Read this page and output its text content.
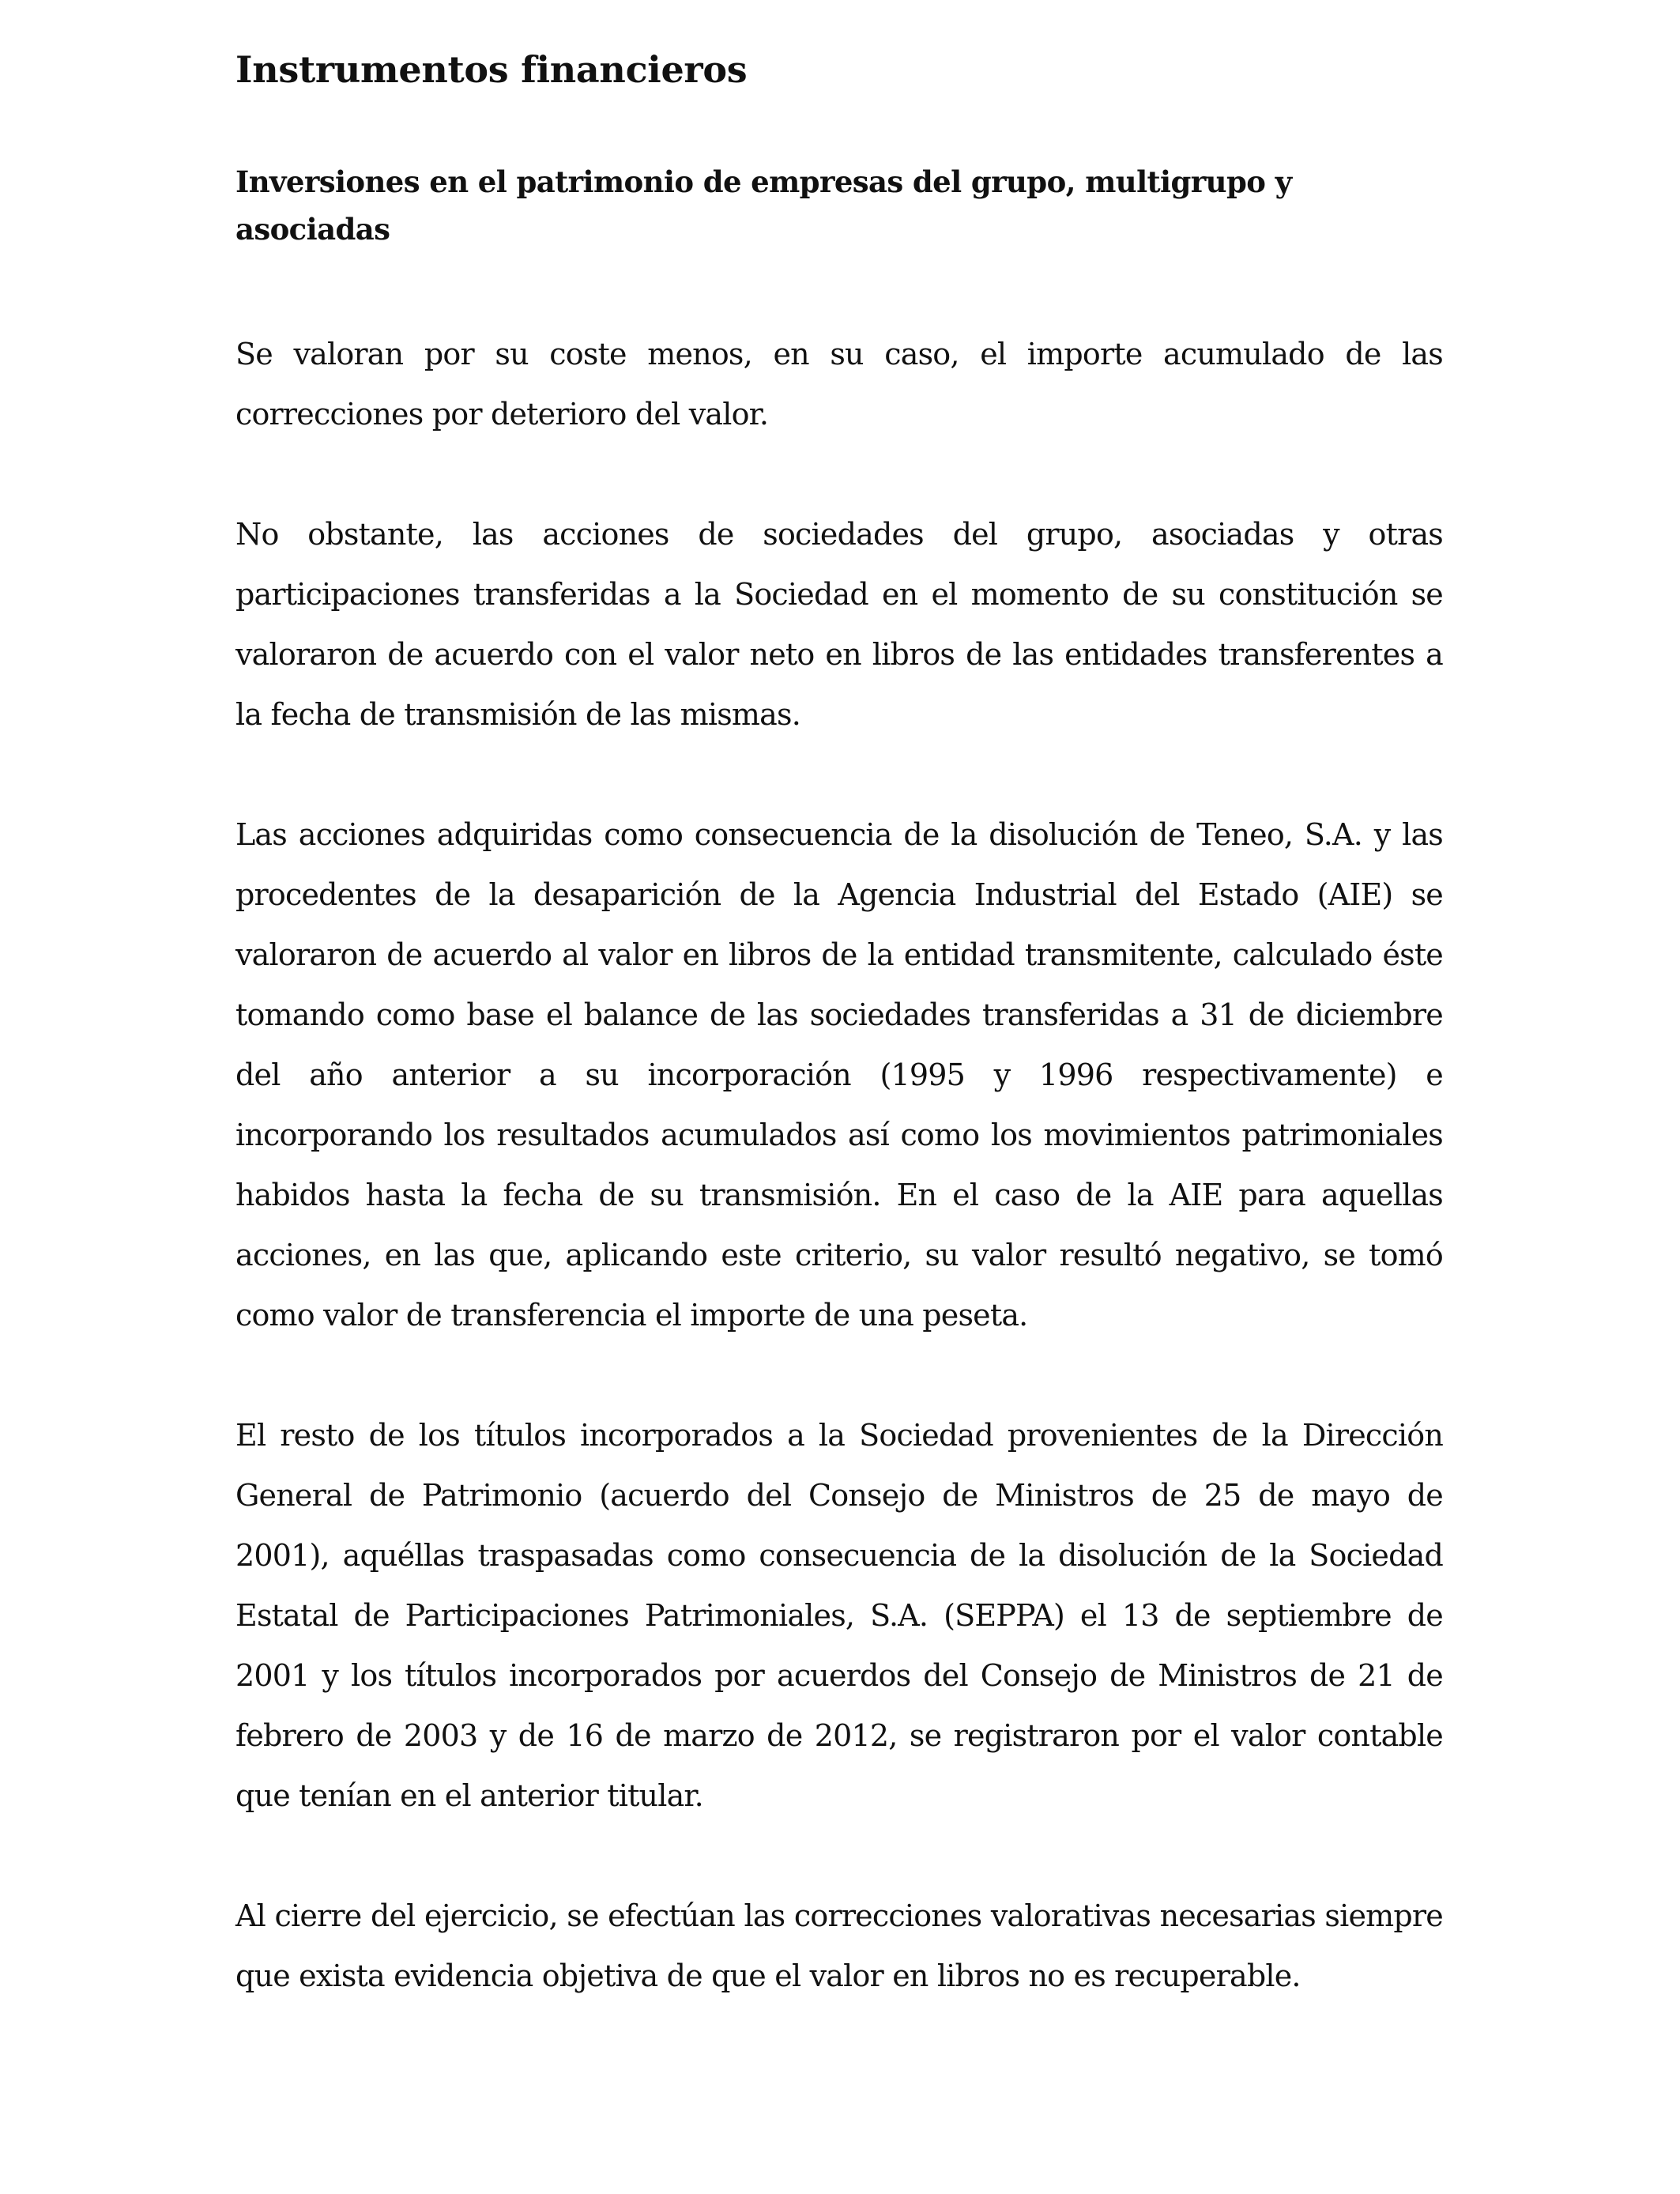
Instrumentos financieros
Inversiones en el patrimonio de empresas del grupo, multigrupo y asociadas

Se valoran por su coste menos, en su caso, el importe acumulado de las correcciones por deterioro del valor.

No obstante, las acciones de sociedades del grupo, asociadas y otras participaciones transferidas a la Sociedad en el momento de su constitución se valoraron de acuerdo con el valor neto en libros de las entidades transferentes a la fecha de transmisión de las mismas.

Las acciones adquiridas como consecuencia de la disolución de Teneo, S.A. y las procedentes de la desaparición de la Agencia Industrial del Estado (AIE) se valoraron de acuerdo al valor en libros de la entidad transmitente, calculado éste tomando como base el balance de las sociedades transferidas a 31 de diciembre del año anterior a su incorporación (1995 y 1996 respectivamente) e incorporando los resultados acumulados así como los movimientos patrimoniales habidos hasta la fecha de su transmisión. En el caso de la AIE para aquellas acciones, en las que, aplicando este criterio, su valor resultó negativo, se tomó como valor de transferencia el importe de una peseta.

El resto de los títulos incorporados a la Sociedad provenientes de la Dirección General de Patrimonio (acuerdo del Consejo de Ministros de 25 de mayo de 2001), aquéllas traspasadas como consecuencia de la disolución de la Sociedad Estatal de Participaciones Patrimoniales, S.A. (SEPPA) el 13 de septiembre de 2001 y los títulos incorporados por acuerdos del Consejo de Ministros de 21 de febrero de 2003 y de 16 de marzo de 2012, se registraron por el valor contable que tenían en el anterior titular.

Al cierre del ejercicio, se efectúan las correcciones valorativas necesarias siempre que exista evidencia objetiva de que el valor en libros no es recuperable.
